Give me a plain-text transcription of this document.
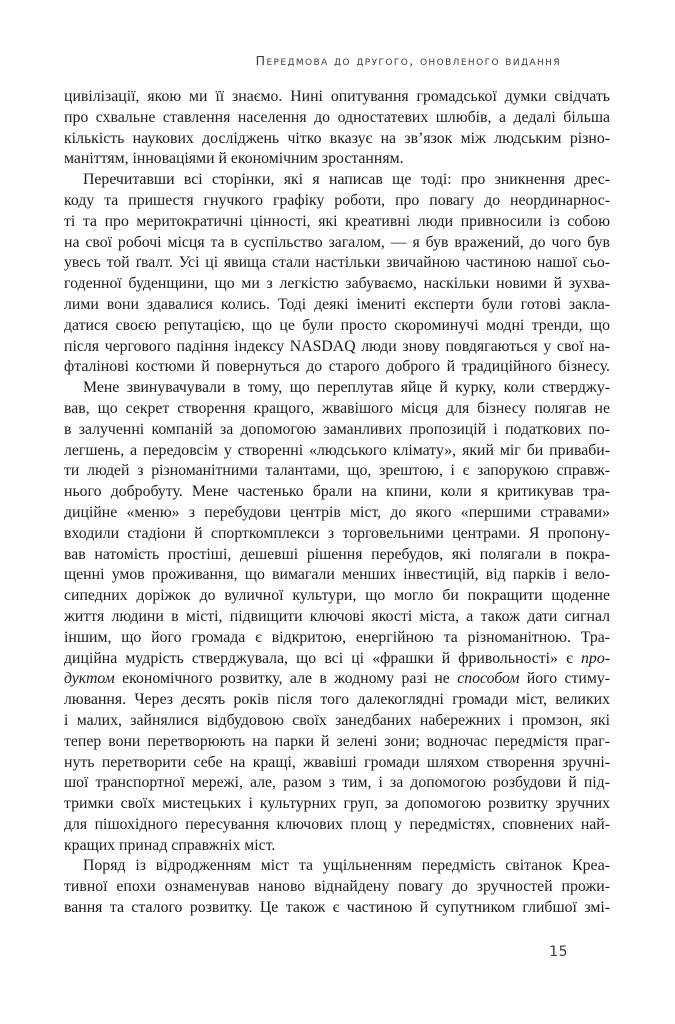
Передмова до другого, оновленого видання
цивілізації, якою ми її знаємо. Нині опитування громадської думки свідчать
про схвальне ставлення населення до одностатевих шлюбів, а дедалі більша
кількість наукових досліджень чітко вказує на зв’язок між людським різно-
маніттям, інноваціями й економічним зростанням.
Перечитавши всі сторінки, які я написав ще тоді: про зникнення дрес-
коду та пришестя гнучкого графіку роботи, про повагу до неординарнос-
ті та про меритократичні цінності, які креативні люди привносили із собою
на свої робочі місця та в суспільство загалом, — я був вражений, до чого був
увесь той ґвалт. Усі ці явища стали настільки звичайною частиною нашої сьо-
годенної буденщини, що ми з легкістю забуваємо, наскільки новими й зухва-
лими вони здавалися колись. Тоді деякі імениті експерти були готові закла-
датися своєю репутацією, що це були просто скороминучі модні тренди, що
після чергового падіння індексу NASDAQ люди знову повдягаються у свої на-
фталінові костюми й повернуться до старого доброго й традиційного бізнесу.
Мене звинувачували в тому, що переплутав яйце й курку, коли стверджу-
вав, що секрет створення кращого, жвавішого місця для бізнесу полягав не
в залученні компаній за допомогою заманливих пропозицій і податкових по-
легшень, а передовсім у створенні «людського клімату», який міг би приваби-
ти людей з різноманітними талантами, що, зрештою, і є запорукою справж-
нього добробуту. Мене частенько брали на кпини, коли я критикував тра-
диційне «меню» з перебудови центрів міст, до якого «першими стравами»
входили стадіони й спорткомплекси з торговельними центрами. Я пропону-
вав натомість простіші, дешевші рішення перебудов, які полягали в покра-
щенні умов проживання, що вимагали менших інвестицій, від парків і вело-
сипедних доріжок до вуличної культури, що могло би покращити щоденне
життя людини в місті, підвищити ключові якості міста, а також дати сигнал
іншим, що його громада є відкритою, енергійною та різноманітною. Тра-
диційна мудрість стверджувала, що всі ці «фрашки й фривольності» є про-
дуктом економічного розвитку, але в жодному разі не способом його стиму-
лювання. Через десять років після того далекоглядні громади міст, великих
і малих, зайнялися відбудовою своїх занедбаних набережних і промзон, які
тепер вони перетворюють на парки й зелені зони; водночас передмістя праг-
нуть перетворити себе на кращі, жвавіші громади шляхом створення зручні-
шої транспортної мережі, але, разом з тим, і за допомогою розбудови й під-
тримки своїх мистецьких і культурних груп, за допомогою розвитку зручних
для пішохідного пересування ключових площ у передмістях, сповнених най-
кращих принад справжніх міст.
Поряд із відродженням міст та ущільненням передмість світанок Креа-
тивної епохи ознаменував наново віднайдену повагу до зручностей прожи-
вання та сталого розвитку. Це також є частиною й супутником глибшої змі-
15
